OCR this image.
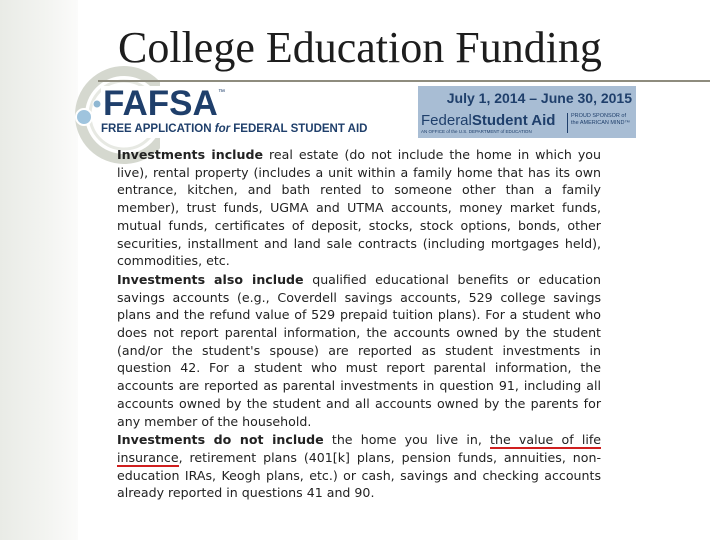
College Education Funding
FAFSA ™
FREE APPLICATION for FEDERAL STUDENT AID
July 1, 2014 – June 30, 2015
FederalStudent Aid
AN OFFICE of the U.S. DEPARTMENT of EDUCATION
PROUD SPONSOR of the AMERICAN MIND™

Investments include real estate (do not include the home in which you live), rental property (includes a unit within a family home that has its own entrance, kitchen, and bath rented to someone other than a family member), trust funds, UGMA and UTMA accounts, money market funds, mutual funds, certificates of deposit, stocks, stock options, bonds, other securities, installment and land sale contracts (including mortgages held), commodities, etc.

Investments also include qualified educational benefits or education savings accounts (e.g., Coverdell savings accounts, 529 college savings plans and the refund value of 529 prepaid tuition plans). For a student who does not report parental information, the accounts owned by the student (and/or the student's spouse) are reported as student investments in question 42. For a student who must report parental information, the accounts are reported as parental investments in question 91, including all accounts owned by the student and all accounts owned by the parents for any member of the household.

Investments do not include the home you live in, the value of life insurance, retirement plans (401[k] plans, pension funds, annuities, non-education IRAs, Keogh plans, etc.) or cash, savings and checking accounts already reported in questions 41 and 90.
